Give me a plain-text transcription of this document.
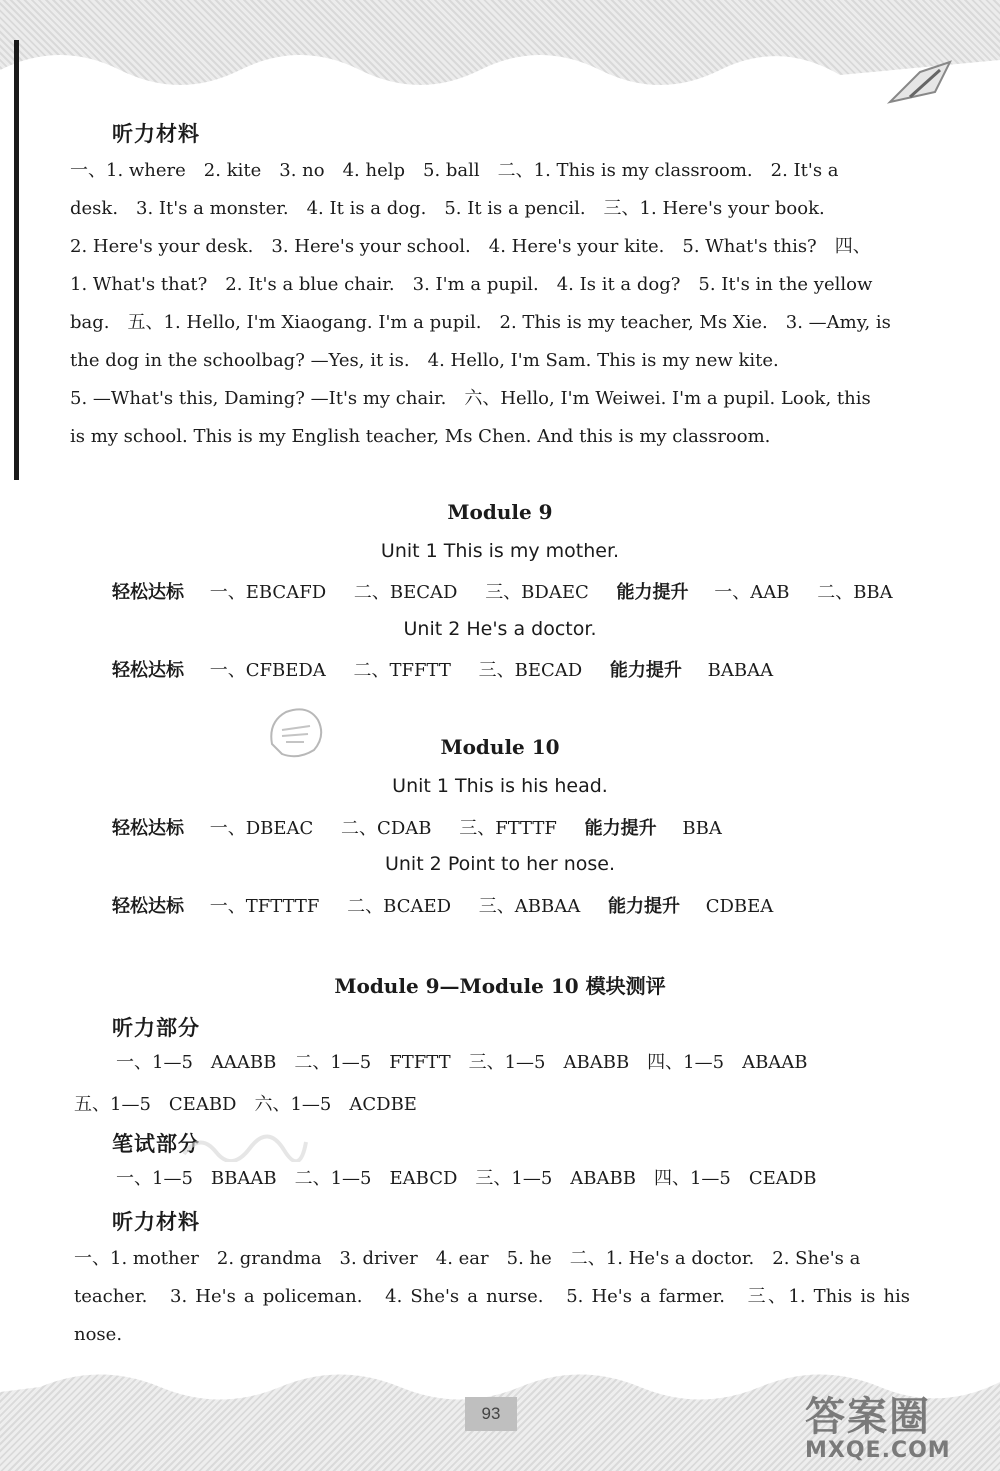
听力材料
一、1. where　2. kite　3. no　4. help　5. ball　二、1. This is my classroom.　2. It's a
desk.　3. It's a monster.　4. It is a dog.　5. It is a pencil.　三、1. Here's your book.
2. Here's your desk.　3. Here's your school.　4. Here's your kite.　5. What's this?　四、
1. What's that?　2. It's a blue chair.　3. I'm a pupil.　4. Is it a dog?　5. It's in the yellow
bag.　五、1. Hello, I'm Xiaogang. I'm a pupil.　2. This is my teacher, Ms Xie.　3. —Amy, is
the dog in the schoolbag? —Yes, it is.　4. Hello, I'm Sam. This is my new kite.
5. —What's this, Daming? —It's my chair.　六、Hello, I'm Weiwei. I'm a pupil. Look, this
is my school. This is my English teacher, Ms Chen. And this is my classroom.
Module 9
Unit 1 This is my mother.
轻松达标 一、EBCAFD 二、BECAD 三、BDAEC 能力提升 一、AAB 二、BBA
Unit 2 He's a doctor.
轻松达标 一、CFBEDA 二、TFFTT 三、BECAD 能力提升 BABAA
Module 10
Unit 1 This is his head.
轻松达标 一、DBEAC 二、CDAB 三、FTTTF 能力提升 BBA
Unit 2 Point to her nose.
轻松达标 一、TFTTTF 二、BCAED 三、ABBAA 能力提升 CDBEA
Module 9—Module 10 模块测评
听力部分
一、1—5　AAABB　二、1—5　FTFTT　三、1—5　ABABB　四、1—5　ABAAB
五、1—5　CEABD　六、1—5　ACDBE
笔试部分
一、1—5　BBAAB　二、1—5　EABCD　三、1—5　ABABB　四、1—5　CEADB
听力材料
一、1. mother　2. grandma　3. driver　4. ear　5. he　二、1. He's a doctor.　2. She's a
teacher.　3. He's a policeman.　4. She's a nurse.　5. He's a farmer.　三、1. This is his nose.
93	答案圈
MXQE.COM
